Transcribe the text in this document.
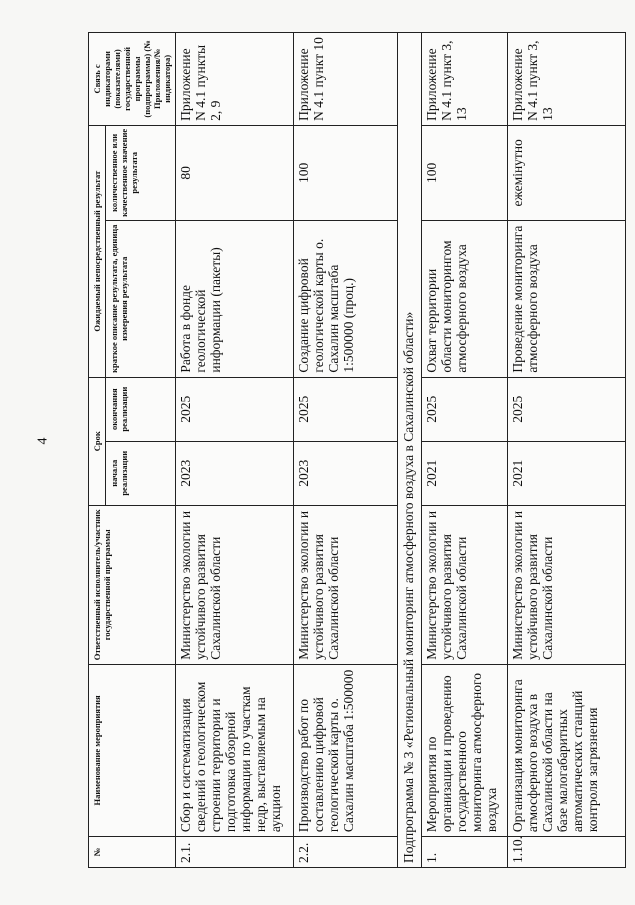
4
№	Наименование мероприятия	Ответственный исполнитель/участник государственной программы	Срок		Ожидаемый непосредственный результат		Связь с индикаторами (показателями) государственной программы (подпрограммы) (№ Приложения/№ индикатора)
			начала реализации	окончания реализации	краткое описание результата, единица измерения результата	количественное или качественное значение результата	
2.1.	Сбор и систематизация сведений о геологическом строении территории и подготовка обзорной информации по участкам недр, выставляемым на аукцион	Министерство экологии и устойчивого развития Сахалинской области	2023	2025	Работа в фонде геологической информации (пакеты)	80	Приложение N 4.1 пункты 2, 9
2.2.	Производство работ по составлению цифровой геологической карты о. Сахалин масштаба 1:500000	Министерство экологии и устойчивого развития Сахалинской области	2023	2025	Создание цифровой геологической карты о. Сахалин масштаба 1:500000 (проц.)	100	Приложение N 4.1 пункт 10
Подпрограмма № 3 «Региональный мониторинг атмосферного воздуха в Сахалинской области»							
1.	Мероприятия по организации и проведению государственного мониторинга атмосферного воздуха	Министерство экологии и устойчивого развития Сахалинской области	2021	2025	Охват территории области мониторингом атмосферного воздуха	100	Приложение N 4.1 пункт 3, 13
1.10.	Организация мониторинга атмосферного воздуха в Сахалинской области на базе малогабаритных автоматических станций контроля загрязнения	Министерство экологии и устойчивого развития Сахалинской области	2021	2025	Проведение мониторинга атмосферного воздуха	ежемінутно	Приложение N 4.1 пункт 3, 13
